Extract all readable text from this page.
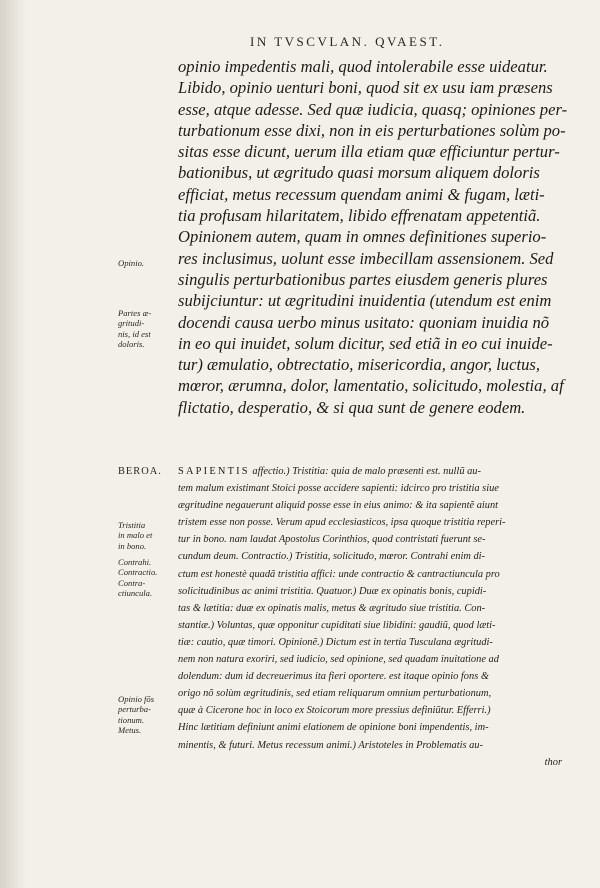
IN TVSCVLAN. QVAEST.
opinio impedentis mali, quod intolerabile esse uideatur.
Libido, opinio uenturi boni, quod sit ex usu iam præsens
esse, atque adesse. Sed quæ iudicia, quasq; opiniones per-
turbationum esse dixi, non in eis perturbationes solùm po-
sitas esse dicunt, uerum illa etiam quæ efficiuntur pertur-
bationibus, ut ægritudo quasi morsum aliquem doloris
efficiat, metus recessum quendam animi & fugam, læti-
tia profusam hilaritatem, libido effrenatam appetentiã.
Opinionem autem, quam in omnes definitiones superio-
res inclusimus, uolunt esse imbecillam assensionem. Sed
singulis perturbationibus partes eiusdem generis plures
subijciuntur: ut ægritudini inuidentia (utendum est enim
docendi causa uerbo minus usitato: quoniam inuidia nõ
in eo qui inuidet, solum dicitur, sed etiã in eo cui inuide-
tur) æmulatio, obtrectatio, misericordia, angor, luctus,
mœror, ærumna, dolor, lamentatio, solicitudo, molestia, af
flictatio, desperatio, & si qua sunt de genere eodem.
Opinio.
Partes æ-
gritudi-
nis, id est
doloris.
BEROA.
Tristitia
in malo et
in bono.
Contrahi.
Contractio.
Contra-
ctiuncula.
Opinio fõs
perturba-
tionum.
Metus.
SAPIENTIS affectio.) Tristitia: quia de malo præsenti est. nullũ au-
tem malum existimant Stoici posse accidere sapienti: idcirco pro tristitia siue
ægritudine negauerunt aliquid posse esse in eius animo: & ita sapientẽ aiunt
tristem esse non posse. Verum apud ecclesiasticos, ipsa quoque tristitia reperi-
tur in bono. nam laudat Apostolus Corinthios, quod contristati fuerunt se-
cundum deum. Contractio.) Tristitia, solicitudo, mœror. Contrahi enim di-
ctum est honestè quadã tristitia affici: unde contractio & cantractiuncula pro
solicitudinibus ac animi tristitia. Quatuor.) Duæ ex opinatis bonis, cupidi-
tas & lætitia: duæ ex opinatis malis, metus & ægritudo siue tristitia. Con-
stantiæ.) Voluntas, quæ opponitur cupiditati siue libidini: gaudiũ, quod læti-
tiæ: cautio, quæ timori. Opinionẽ.) Dictum est in tertia Tusculana ægritudi-
nem non natura exoriri, sed iudicio, sed opinione, sed quadam inuitatione ad
dolendum: dum id decreuerimus ita fieri oportere. est itaque opinio fons &
origo nõ solùm ægritudinis, sed etiam reliquarum omnium perturbationum,
quæ à Cicerone hoc in loco ex Stoicorum more pressius definiũtur. Efferri.)
Hinc lætitiam definiunt animi elationem de opinione boni impendentis, im-
minentis, & futuri. Metus recessum animi.) Aristoteles in Problematis au-
thor
